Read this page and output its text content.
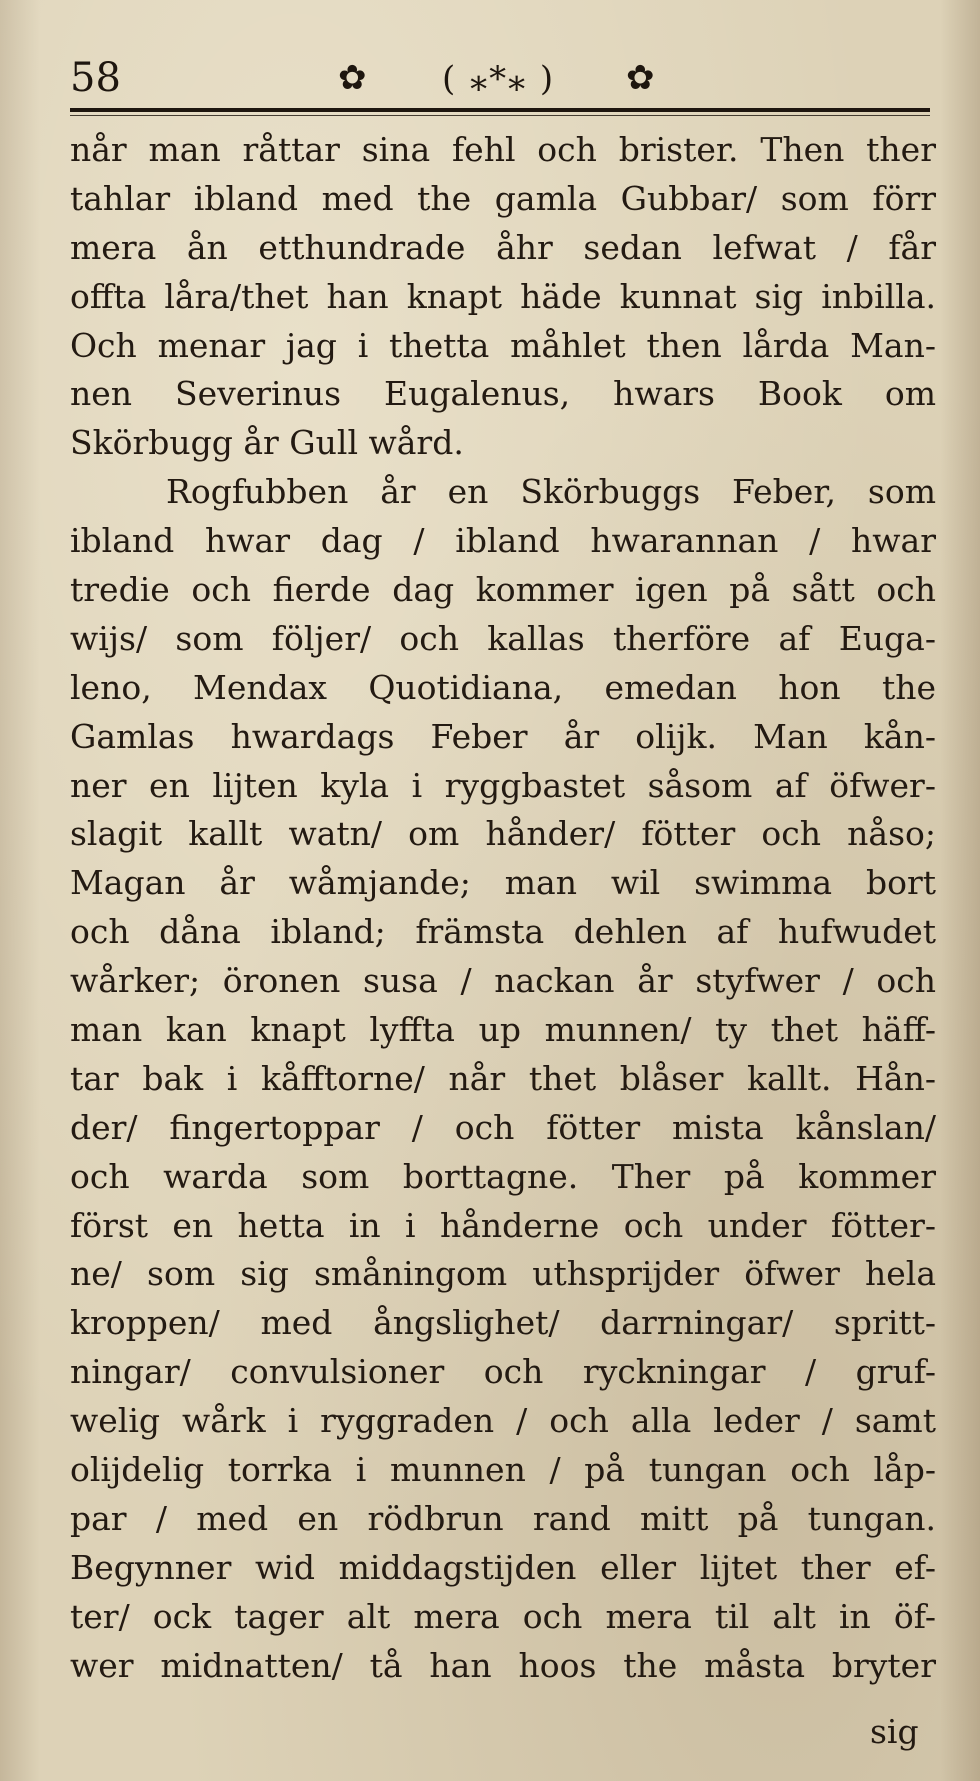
58	✿ ( ⁎*⁎ ) ✿
når man råttar sina fehl och brister. Then ther
tahlar ibland med the gamla Gubbar/ som förr
mera ån etthundrade åhr sedan lefwat / får
offta låra/thet han knapt häde kunnat sig inbilla.
Och menar jag i thetta måhlet then lårda Man-
nen Severinus Eugalenus, hwars Book om
Skörbugg år Gull wård.
Rogfubben år en Skörbuggs Feber, som
ibland hwar dag / ibland hwarannan / hwar
tredie och fierde dag kommer igen på sått och
wijs/ som följer/ och kallas therföre af Euga-
leno, Mendax Quotidiana, emedan hon the
Gamlas hwardags Feber år olijk. Man kån-
ner en lijten kyla i ryggbastet såsom af öfwer-
slagit kallt watn/ om hånder/ fötter och nåso;
Magan år wåmjande; man wil swimma bort
och dåna ibland; främsta dehlen af hufwudet
wårker; öronen susa / nackan år styfwer / och
man kan knapt lyffta up munnen/ ty thet häff-
tar bak i kåfftorne/ når thet blåser kallt. Hån-
der/ fingertoppar / och fötter mista kånslan/
och warda som borttagne. Ther på kommer
först en hetta in i hånderne och under fötter-
ne/ som sig småningom uthsprijder öfwer hela
kroppen/ med ångslighet/ darrningar/ spritt-
ningar/ convulsioner och ryckningar / gruf-
welig wårk i ryggraden / och alla leder / samt
olijdelig torrka i munnen / på tungan och låp-
par / med en rödbrun rand mitt på tungan.
Begynner wid middagstijden eller lijtet ther ef-
ter/ ock tager alt mera och mera til alt in öf-
wer midnatten/ tå han hoos the måsta bryter
sig
